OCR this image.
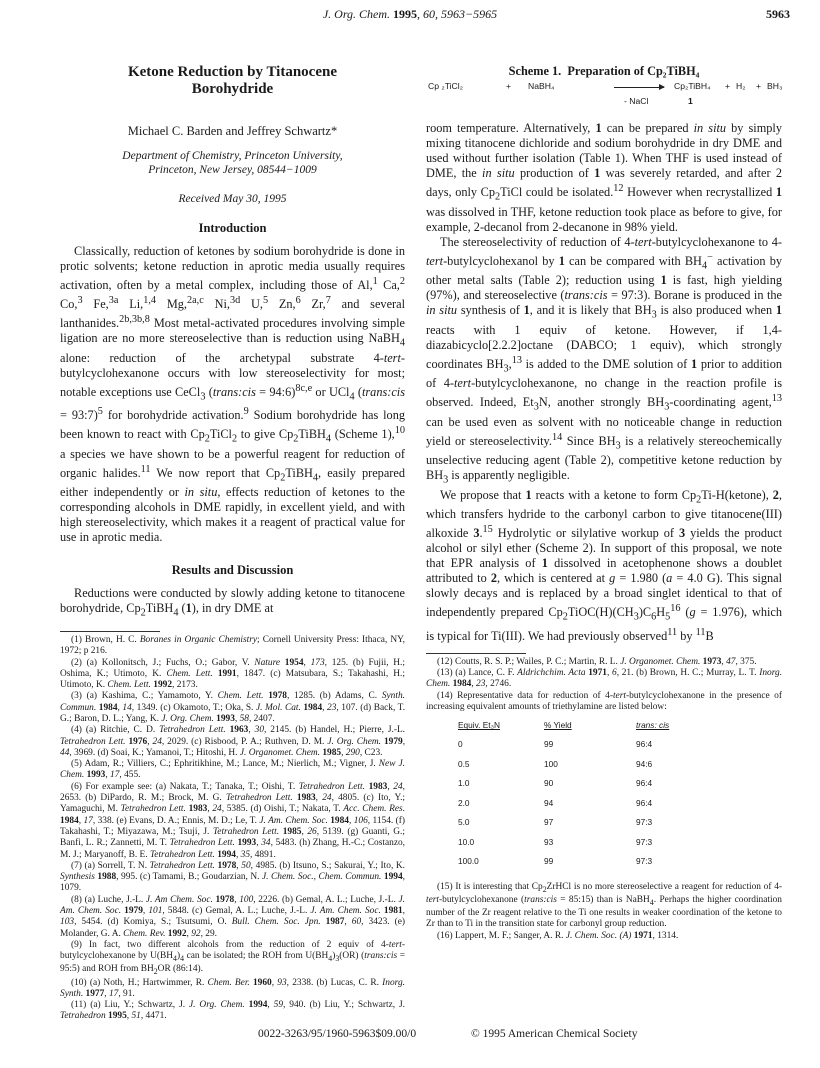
J. Org. Chem. 1995, 60, 5963−5965	5963
Ketone Reduction by Titanocene
Borohydride
Michael C. Barden and Jeffrey Schwartz*
Department of Chemistry, Princeton University,
Princeton, New Jersey, 08544−1009
Received May 30, 1995
Introduction

Classically, reduction of ketones by sodium borohydride is done in protic solvents; ketone reduction in aprotic media usually requires activation, often by a metal complex, including those of Al,$^1$ Ca,$^2$ Co,$^3$ Fe,$^{3a}$ Li,$^{1,4}$ Mg,$^{2a,c}$ Ni,$^{3d}$ U,$^5$ Zn,$^6$ Zr,$^7$ and several lanthanides.$^{2b,3b,8}$ Most metal-activated procedures involving simple ligation are no more stereoselective than is reduction using NaBH$_4$ alone: reduction of the archetypal substrate 4-tert-butylcyclohexanone occurs with low stereoselectivity for most; notable exceptions use CeCl$_3$ (trans:cis = 94:6)$^{8c,e}$ or UCl$_4$ (trans:cis = 93:7)$^5$ for borohydride activation.$^9$ Sodium borohydride has long been known to react with $Cp_2TiCl_2$ to give $Cp_2TiBH_4$ (Scheme 1),$^{10}$ a species we have shown to be a powerful reagent for reduction of organic halides.$^{11}$ We now report that $Cp_2TiBH_4$, easily prepared either independently or in situ, effects reduction of ketones to the corresponding alcohols in DME rapidly, in excellent yield, and with high stereoselectivity, which makes it a reagent of practical value for use in aprotic media.

Results and Discussion

Reductions were conducted by slowly adding ketone to titanocene borohydride, $Cp_2TiBH_4$ (1), in dry DME at

(1) Brown, H. C. Boranes in Organic Chemistry; Cornell University Press: Ithaca, NY, 1972; p 216.

(2) (a) Kollonitsch, J.; Fuchs, O.; Gabor, V. Nature 1954, 173, 125. (b) Fujii, H.; Oshima, K.; Utimoto, K. Chem. Lett. 1991, 1847. (c) Matsubara, S.; Takahashi, H.; Utimoto, K. Chem. Lett. 1992, 2173.

(3) (a) Kashima, C.; Yamamoto, Y. Chem. Lett. 1978, 1285. (b) Adams, C. Synth. Commun. 1984, 14, 1349. (c) Okamoto, T.; Oka, S. J. Mol. Cat. 1984, 23, 107. (d) Back, T. G.; Baron, D. L.; Yang, K. J. Org. Chem. 1993, 58, 2407.

(4) (a) Ritchie, C. D. Tetrahedron Lett. 1963, 30, 2145. (b) Handel, H.; Pierre, J.-L. Tetrahedron Lett. 1976, 24, 2029. (c) Risbood, P. A.; Ruthven, D. M. J. Org. Chem. 1979, 44, 3969. (d) Soai, K.; Yamanoi, T.; Hitoshi, H. J. Organomet. Chem. 1985, 290, C23.

(5) Adam, R.; Villiers, C.; Ephritikhine, M.; Lance, M.; Nierlich, M.; Vigner, J. New J. Chem. 1993, 17, 455.

(6) For example see: (a) Nakata, T.; Tanaka, T.; Oishi, T. Tetrahedron Lett. 1983, 24, 2653. (b) DiPardo, R. M.; Brock, M. G. Tetrahedron Lett. 1983, 24, 4805. (c) Ito, Y.; Yamaguchi, M. Tetrahedron Lett. 1983, 24, 5385. (d) Oishi, T.; Nakata, T. Acc. Chem. Res. 1984, 17, 338. (e) Evans, D. A.; Ennis, M. D.; Le, T. J. Am. Chem. Soc. 1984, 106, 1154. (f) Takahashi, T.; Miyazawa, M.; Tsuji, J. Tetrahedron Lett. 1985, 26, 5139. (g) Guanti, G.; Banfi, L. R.; Zannetti, M. T. Tetrahedron Lett. 1993, 34, 5483. (h) Zhang, H.-C.; Costanzo, M. J.; Maryanoff, B. E. Tetrahedron Lett. 1994, 35, 4891.

(7) (a) Sorrell, T. N. Tetrahedron Lett. 1978, 50, 4985. (b) Itsuno, S.; Sakurai, Y.; Ito, K. Synthesis 1988, 995. (c) Tamami, B.; Goudarzian, N. J. Chem. Soc., Chem. Commun. 1994, 1079.

(8) (a) Luche, J.-L. J. Am Chem. Soc. 1978, 100, 2226. (b) Gemal, A. L.; Luche, J.-L. J. Am. Chem. Soc. 1979, 101, 5848. (c) Gemal, A. L.; Luche, J.-L. J. Am. Chem. Soc. 1981, 103, 5454. (d) Komiya, S.; Tsutsumi, O. Bull. Chem. Soc. Jpn. 1987, 60, 3423. (e) Molander, G. A. Chem. Rev. 1992, 92, 29.

(9) In fact, two different alcohols from the reduction of 2 equiv of 4-tert-butylcyclohexanone by $U(BH_4)_4$ can be isolated; the ROH from $U(BH_4)_3(OR)$ (trans:cis = 95:5) and ROH from $BH_2OR$ (86:14).

(10) (a) Noth, H.; Hartwimmer, R. Chem. Ber. 1960, 93, 2338. (b) Lucas, C. R. Inorg. Synth. 1977, 17, 91.

(11) (a) Liu, Y.; Schwartz, J. J. Org. Chem. 1994, 59, 940. (b) Liu, Y.; Schwartz, J. Tetrahedron 1995, 51, 4471.

Scheme 1. Preparation of Cp₂TiBH₄
Cp ₂TiCl₂	+ NaBH₄
- NaCl
Cp₂TiBH₄ + H₂ + BH₃
1

room temperature. Alternatively, 1 can be prepared in situ by simply mixing titanocene dichloride and sodium borohydride in dry DME and used without further isolation (Table 1). When THF is used instead of DME, the in situ production of 1 was severely retarded, and after 2 days, only $Cp_2TiCl$ could be isolated.$^{12}$ However when recrystallized 1 was dissolved in THF, ketone reduction took place as before to give, for example, 2-decanol from 2-decanone in 98% yield.

The stereoselectivity of reduction of 4-tert-butylcyclohexanone to 4-tert-butylcyclohexanol by 1 can be compared with $BH_4^-$ activation by other metal salts (Table 2); reduction using 1 is fast, high yielding (97%), and stereoselective (trans:cis = 97:3). Borane is produced in the in situ synthesis of 1, and it is likely that $BH_3$ is also produced when 1 reacts with 1 equiv of ketone. However, if 1,4-diazabicyclo[2.2.2]octane (DABCO; 1 equiv), which strongly coordinates $BH_3,^{13}$ is added to the DME solution of 1 prior to addition of 4-tert-butylcyclohexanone, no change in the reaction profile is observed. Indeed, $Et_3N$, another strongly $BH_3$-coordinating agent,$^{13}$ can be used even as solvent with no noticeable change in reduction yield or stereoselectivity.$^{14}$ Since $BH_3$ is a relatively stereochemically unselective reducing agent (Table 2), competitive ketone reduction by $BH_3$ is apparently negligible.

We propose that 1 reacts with a ketone to form $Cp_2Ti-H(ketone)$, 2, which transfers hydride to the carbonyl carbon to give titanocene(III) alkoxide 3.15 Hydrolytic or silylative workup of 3 yields the product alcohol or silyl ether (Scheme 2). In support of this proposal, we note that EPR analysis of 1 dissolved in acetophenone shows a doublet attributed to 2, which is centered at g = 1.980 (a = 4.0 G). This signal slowly decays and is replaced by a broad singlet identical to that of independently prepared $Cp_2TiOC(H)(CH_3)C_6H_5^{16}$ (g = 1.976), which is typical for Ti(III). We had previously observed$^{11}$ by $^{11}$B

(12) Coutts, R. S. P.; Wailes, P. C.; Martin, R. L. J. Organomet. Chem. 1973, 47, 375.

(13) (a) Lance, C. F. Aldrichchim. Acta 1971, 6, 21. (b) Brown, H. C.; Murray, L. T. Inorg. Chem. 1984, 23, 2746.

(14) Representative data for reduction of 4-tert-butylcyclohexanone in the presence of increasing equivalent amounts of triethylamine are listed below:

Equiv. Et₃N	% Yield	trans: cis
0	99	96:4
0.5	100	94:6
1.0	90	96:4
2.0	94	96:4
5.0	97	97:3
10.0	93	97:3
100.0	99	97:3

(15) It is interesting that $Cp_2ZrHCl$ is no more stereoselective a reagent for reduction of 4-tert-butylcyclohexanone (trans:cis = 85:15) than is NaBH$_4$. Perhaps the higher coordination number of the Zr reagent relative to the Ti one results in weaker coordination of the ketone to Zr than to Ti in the transition state for carbonyl group reduction.

(16) Lappert, M. F.; Sanger, A. R. J. Chem. Soc. (A) 1971, 1314.

0022-3263/95/1960-5963$09.00/0	© 1995 American Chemical Society
